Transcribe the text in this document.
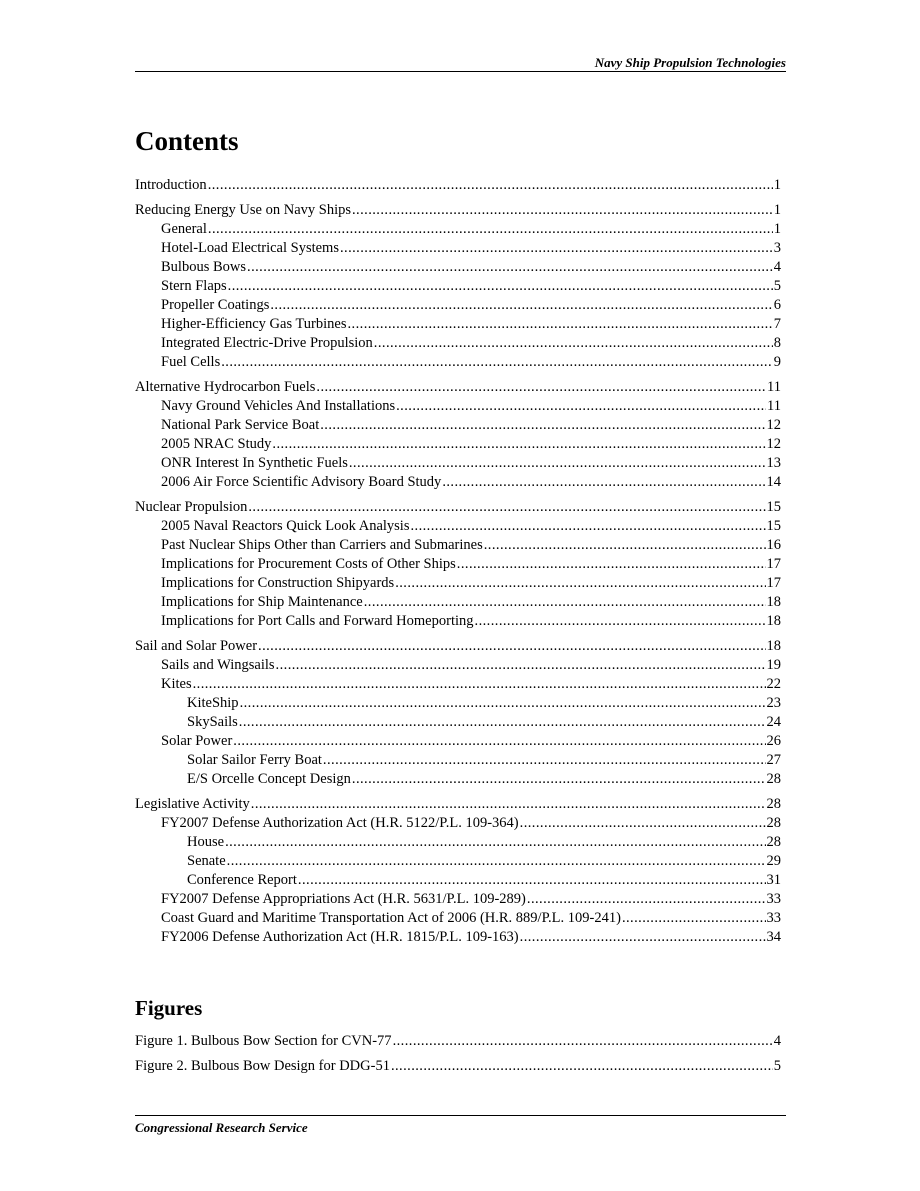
Navy Ship Propulsion Technologies
Contents
Introduction . . .	1
Reducing Energy Use on Navy Ships . . .	1
General . . .	1
Hotel-Load Electrical Systems . . .	3
Bulbous Bows . . .	4
Stern Flaps . . .	5
Propeller Coatings . . .	6
Higher-Efficiency Gas Turbines . . .	7
Integrated Electric-Drive Propulsion . . .	8
Fuel Cells . . .	9
Alternative Hydrocarbon Fuels . . .	11
Navy Ground Vehicles And Installations . . .	11
National Park Service Boat . . .	12
2005 NRAC Study . . .	12
ONR Interest In Synthetic Fuels . . .	13
2006 Air Force Scientific Advisory Board Study . . .	14
Nuclear Propulsion . . .	15
2005 Naval Reactors Quick Look Analysis . . .	15
Past Nuclear Ships Other than Carriers and Submarines . . .	16
Implications for Procurement Costs of Other Ships . . .	17
Implications for Construction Shipyards . . .	17
Implications for Ship Maintenance . . .	18
Implications for Port Calls and Forward Homeporting . . .	18
Sail and Solar Power . . .	18
Sails and Wingsails . . .	19
Kites . . .	22
KiteShip . . .	23
SkySails . . .	24
Solar Power . . .	26
Solar Sailor Ferry Boat . . .	27
E/S Orcelle Concept Design . . .	28
Legislative Activity . . .	28
FY2007 Defense Authorization Act (H.R. 5122/P.L. 109-364) . . .	28
House . . .	28
Senate . . .	29
Conference Report . . .	31
FY2007 Defense Appropriations Act (H.R. 5631/P.L. 109-289) . . .	33
Coast Guard and Maritime Transportation Act of 2006 (H.R. 889/P.L. 109-241) . . .	33
FY2006 Defense Authorization Act (H.R. 1815/P.L. 109-163) . . .	34
Figures
Figure 1. Bulbous Bow Section for CVN-77 . . .	4
Figure 2. Bulbous Bow Design for DDG-51 . . .	5
Congressional Research Service
